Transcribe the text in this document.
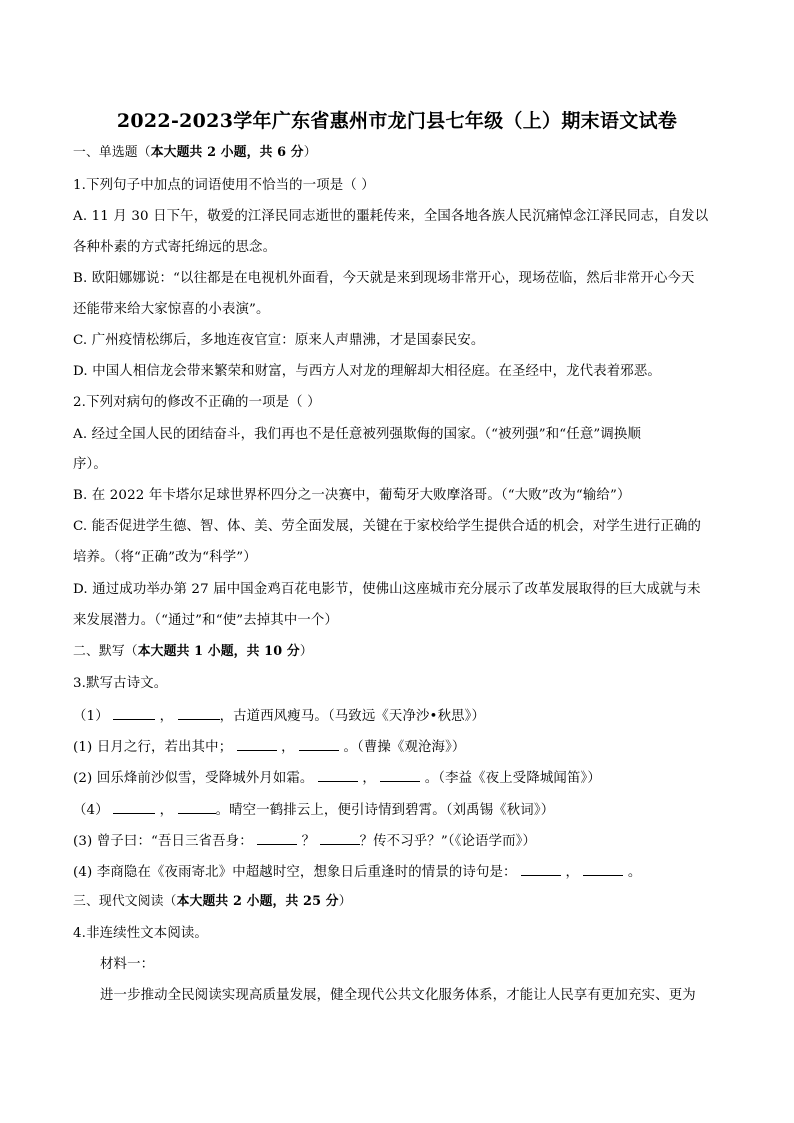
2022-2023学年广东省惠州市龙门县七年级（上）期末语文试卷
一、单选题（本大题共 2 小题，共 6 分）
1.下列句子中加点的词语使用不恰当的一项是（ ）
A. 11 月 30 日下午，敬爱的江泽民同志逝世的噩耗传来，全国各地各族人民沉痛悼念江泽民同志，自发以
各种朴素的方式寄托绵远的思念。
B. 欧阳娜娜说：“以往都是在电视机外面看，今天就是来到现场非常开心，现场莅临，然后非常开心今天
还能带来给大家惊喜的小表演”。
C. 广州疫情松绑后，多地连夜官宣：原来人声鼎沸，才是国泰民安。
D. 中国人相信龙会带来繁荣和财富，与西方人对龙的理解却大相径庭。在圣经中，龙代表着邪恶。
2.下列对病句的修改不正确的一项是（ ）
A. 经过全国人民的团结奋斗，我们再也不是任意被列强欺侮的国家。（“被列强”和“任意”调换顺
序）。
B. 在 2022 年卡塔尔足球世界杯四分之一决赛中，葡萄牙大败摩洛哥。（“大败”改为“输给”）
C. 能否促进学生德、智、体、美、劳全面发展，关键在于家校给学生提供合适的机会，对学生进行正确的
培养。（将“正确”改为“科学”）
D. 通过成功举办第 27 届中国金鸡百花电影节，使佛山这座城市充分展示了改革发展取得的巨大成就与未
来发展潜力。（“通过”和“使”去掉其中一个）
二、默写（本大题共 1 小题，共 10 分）
3.默写古诗文。
（1）	，	，古道西风瘦马。（马致远《天净沙•秋思》）
(1) 日月之行，若出其中；	，	。（曹操《观沧海》）
(2) 回乐烽前沙似雪，受降城外月如霜。	，	。（李益《夜上受降城闻笛》）
（4）	，	。晴空一鹤排云上，便引诗情到碧霄。（刘禹锡《秋词》）
(3) 曾子曰：“吾日三省吾身：	？	？传不习乎？”（《论语学而》）
(4) 李商隐在《夜雨寄北》中超越时空，想象日后重逢时的情景的诗句是：	，	。
三、现代文阅读（本大题共 2 小题，共 25 分）
4.非连续性文本阅读。
材料一：
进一步推动全民阅读实现高质量发展，健全现代公共文化服务体系，才能让人民享有更加充实、更为
